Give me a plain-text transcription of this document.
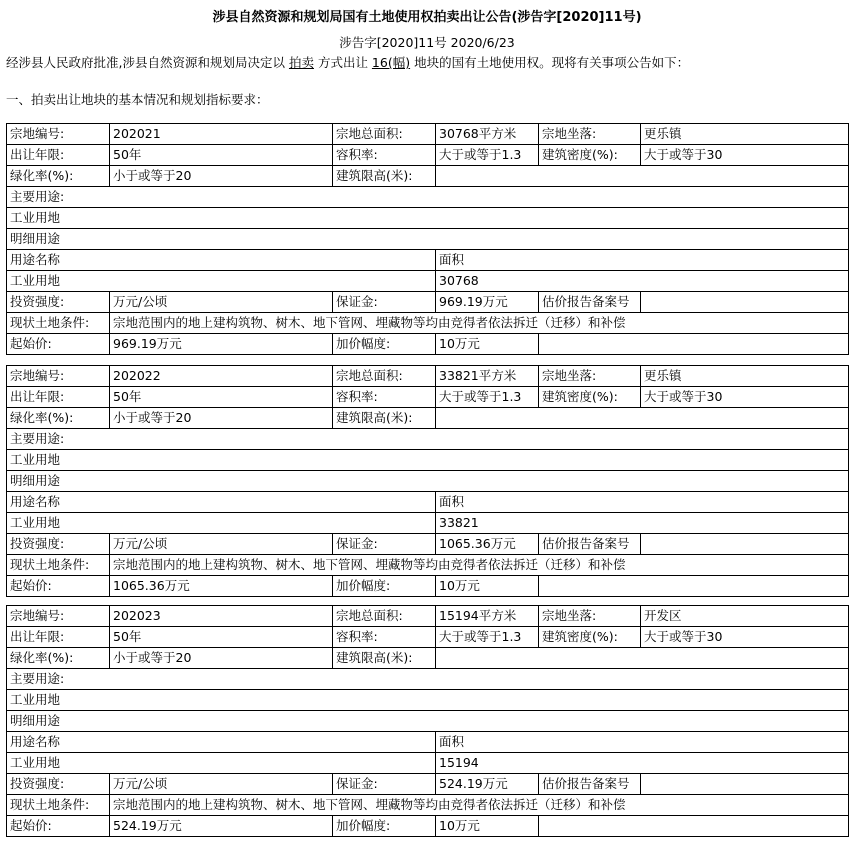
涉县自然资源和规划局国有土地使用权拍卖出让公告(涉告字[2020]11号)
涉告字[2020]11号 2020/6/23
经涉县人民政府批准,涉县自然资源和规划局决定以 拍卖 方式出让 16(幅) 地块的国有土地使用权。现将有关事项公告如下：
一、拍卖出让地块的基本情况和规划指标要求：
宗地编号:	202021	宗地总面积:	30768平方米	宗地坐落:	更乐镇
出让年限:	50年	容积率:	大于或等于1.3	建筑密度(%):	大于或等于30
绿化率(%):	小于或等于20	建筑限高(米):			
主要用途:					
工业用地					
明细用途					
用途名称			面积		
工业用地			30768		
投资强度:	万元/公顷	保证金:	969.19万元	估价报告备案号	
现状土地条件:	宗地范围内的地上建构筑物、树木、地下管网、埋藏物等均由竞得者依法拆迁（迁移）和补偿				
起始价:	969.19万元	加价幅度:	10万元		
宗地编号:	202022	宗地总面积:	33821平方米	宗地坐落:	更乐镇
出让年限:	50年	容积率:	大于或等于1.3	建筑密度(%):	大于或等于30
绿化率(%):	小于或等于20	建筑限高(米):			
主要用途:					
工业用地					
明细用途					
用途名称			面积		
工业用地			33821		
投资强度:	万元/公顷	保证金:	1065.36万元	估价报告备案号	
现状土地条件:	宗地范围内的地上建构筑物、树木、地下管网、埋藏物等均由竞得者依法拆迁（迁移）和补偿				
起始价:	1065.36万元	加价幅度:	10万元		
宗地编号:	202023	宗地总面积:	15194平方米	宗地坐落:	开发区
出让年限:	50年	容积率:	大于或等于1.3	建筑密度(%):	大于或等于30
绿化率(%):	小于或等于20	建筑限高(米):			
主要用途:					
工业用地					
明细用途					
用途名称			面积		
工业用地			15194		
投资强度:	万元/公顷	保证金:	524.19万元	估价报告备案号	
现状土地条件:	宗地范围内的地上建构筑物、树木、地下管网、埋藏物等均由竞得者依法拆迁（迁移）和补偿				
起始价:	524.19万元	加价幅度:	10万元		
